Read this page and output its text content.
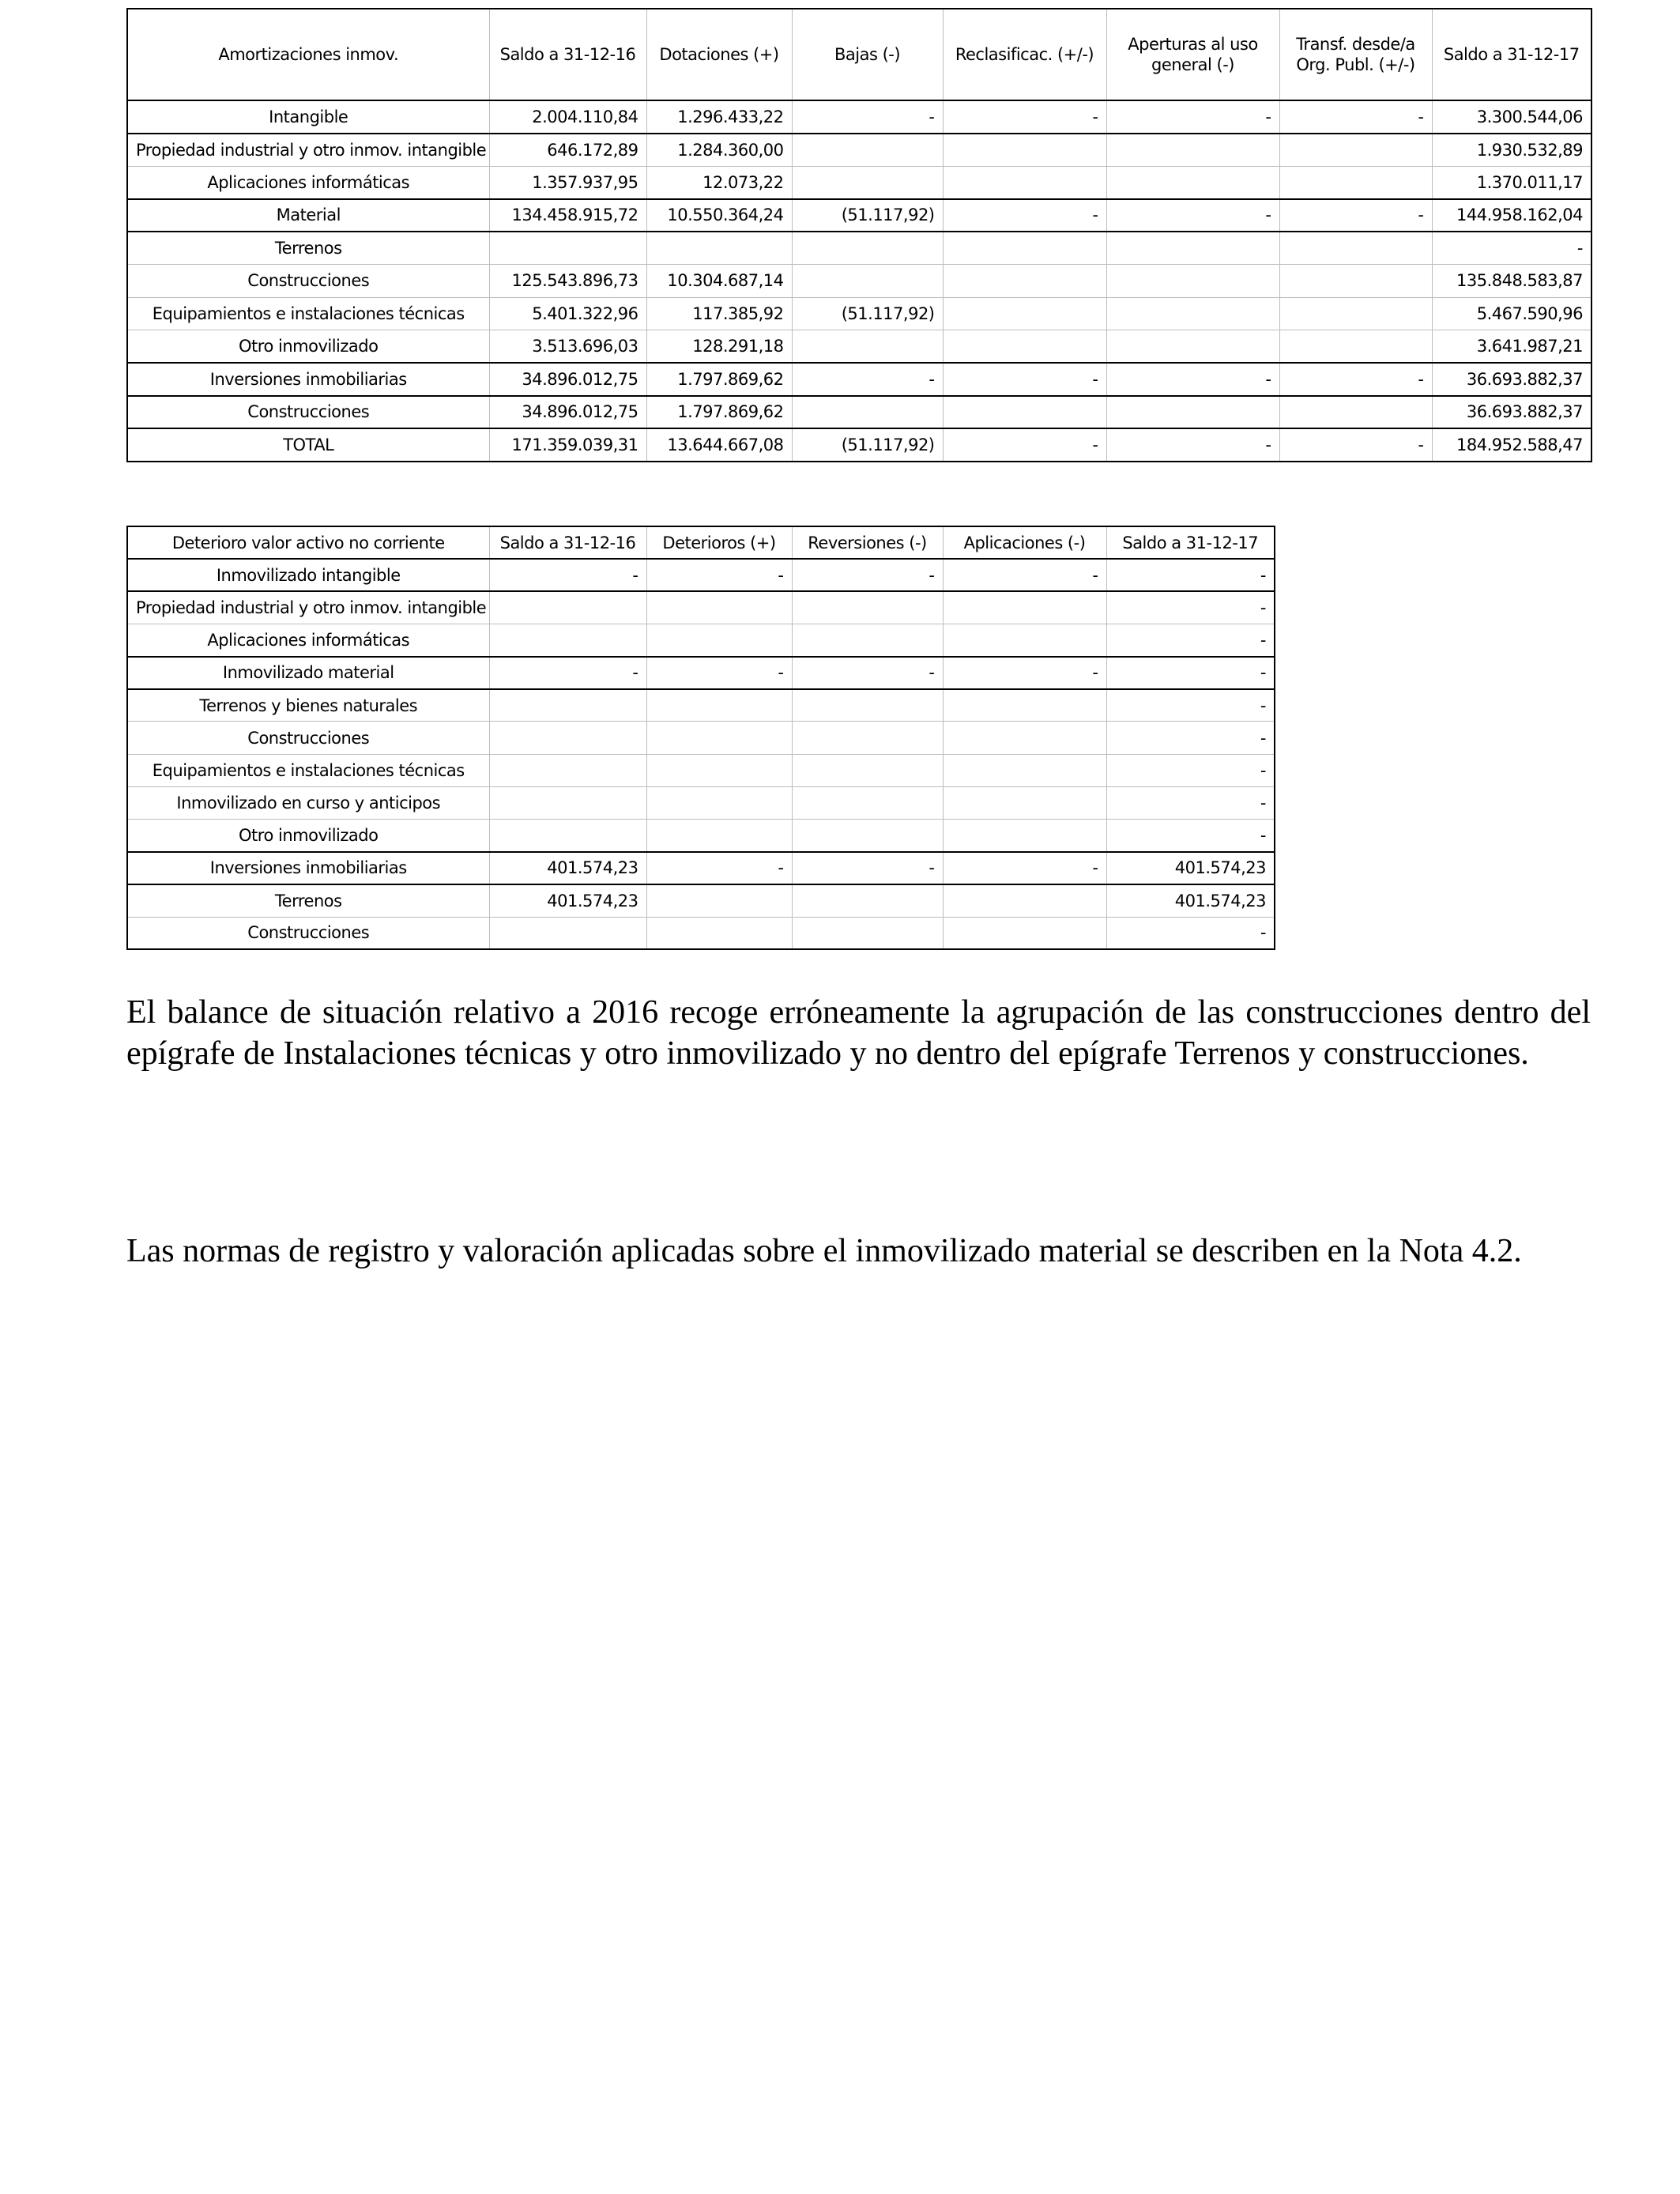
Amortizaciones inmov.	Saldo a 31-12-16	Dotaciones (+)	Bajas (-)	Reclasificac. (+/-)	Aperturas al uso general (-)	Transf. desde/a Org. Publ. (+/-)	Saldo a 31-12-17
Intangible	2.004.110,84	1.296.433,22	-	-	-	-	3.300.544,06
Propiedad industrial y otro inmov. intangible	646.172,89	1.284.360,00					1.930.532,89
Aplicaciones informáticas	1.357.937,95	12.073,22					1.370.011,17
Material	134.458.915,72	10.550.364,24	(51.117,92)	-	-	-	144.958.162,04
Terrenos							-
Construcciones	125.543.896,73	10.304.687,14					135.848.583,87
Equipamientos e instalaciones técnicas	5.401.322,96	117.385,92	(51.117,92)				5.467.590,96
Otro inmovilizado	3.513.696,03	128.291,18					3.641.987,21
Inversiones inmobiliarias	34.896.012,75	1.797.869,62	-	-	-	-	36.693.882,37
Construcciones	34.896.012,75	1.797.869,62					36.693.882,37
TOTAL	171.359.039,31	13.644.667,08	(51.117,92)	-	-	-	184.952.588,47
Deterioro valor activo no corriente	Saldo a 31-12-16	Deterioros (+)	Reversiones (-)	Aplicaciones (-)	Saldo a 31-12-17
Inmovilizado intangible	-	-	-	-	-
Propiedad industrial y otro inmov. intangible					-
Aplicaciones informáticas					-
Inmovilizado material	-	-	-	-	-
Terrenos y bienes naturales					-
Construcciones					-
Equipamientos e instalaciones técnicas					-
Inmovilizado en curso y anticipos					-
Otro inmovilizado					-
Inversiones inmobiliarias	401.574,23	-	-	-	401.574,23
Terrenos	401.574,23				401.574,23
Construcciones					-

El balance de situación relativo a 2016 recoge erróneamente la agrupación de las construcciones dentro del epígrafe de Instalaciones técnicas y otro inmovilizado y no dentro del epígrafe Terrenos y construcciones.

Las normas de registro y valoración aplicadas sobre el inmovilizado material se describen en la Nota 4.2.
